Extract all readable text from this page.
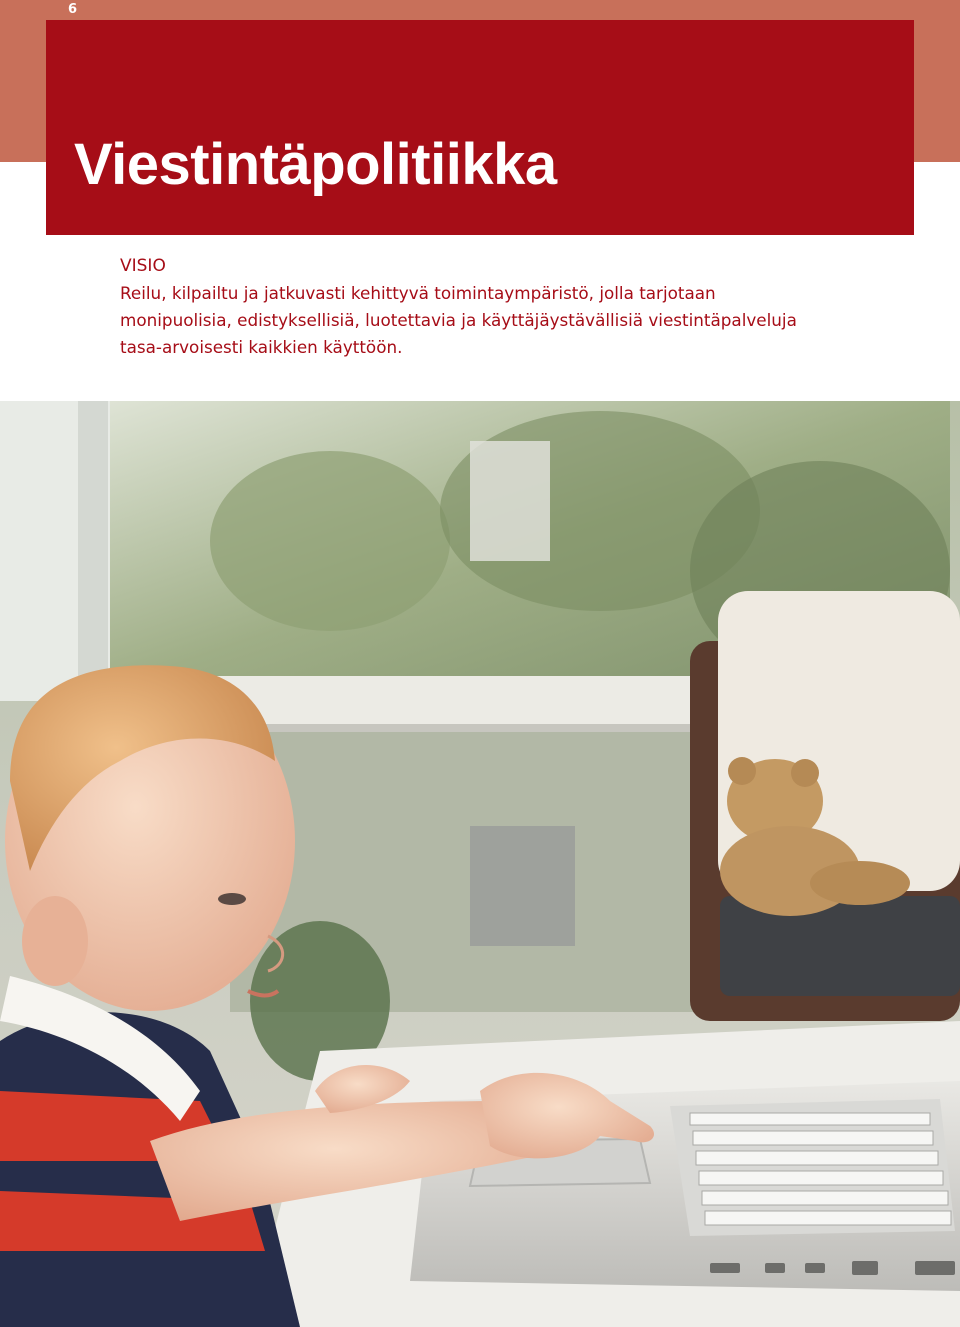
6
Viestintäpolitiikka

VISIO

Reilu, kilpailtu ja jatkuvasti kehittyvä toimintaympäristö, jolla tarjotaan

monipuolisia, edistyksellisiä, luotettavia ja käyttäjäystävällisiä viestintäpalveluja

tasa-arvoisesti kaikkien käyttöön.
